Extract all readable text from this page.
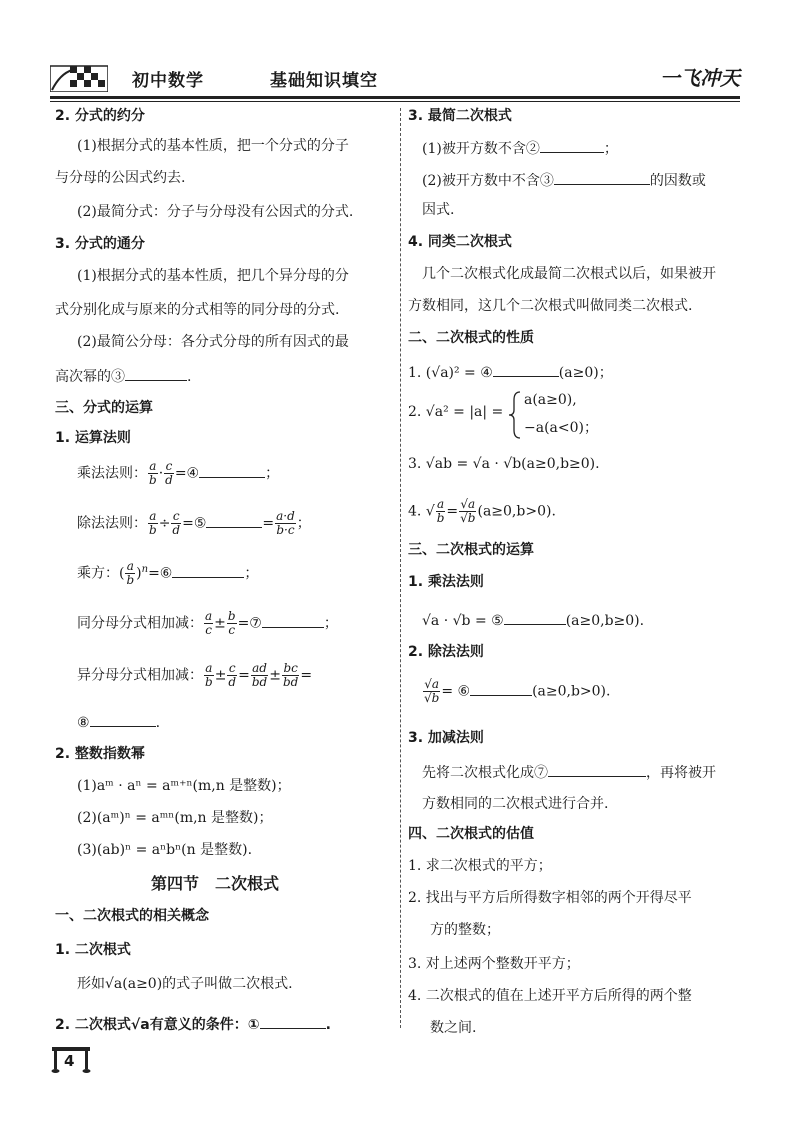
初中数学	基础知识填空	一飞冲天
2. 分式的约分
(1)根据分式的基本性质，把一个分式的分子
与分母的公因式约去.
(2)最简分式：分子与分母没有公因式的分式.
3. 分式的通分
(1)根据分式的基本性质，把几个异分母的分
式分别化成与原来的分式相等的同分母的分式.
(2)最简公分母：各分式分母的所有因式的最
高次幂的③	.
三、分式的运算
1. 运算法则
乘法法则： $\frac{a}{b} \cdot \frac{c}{d}$ =④	；
除法法则： $\frac{a}{b} \div \frac{c}{d}$ =⑤	= $\frac{a\cdot d}{b\cdot c}$ ；
乘方：( $\frac{a}{b}$ )$^n$=⑥	；
同分母分式相加减： $\frac{a}{c} \pm \frac{b}{c}$ =⑦	；
异分母分式相加减： $\frac{a}{b} \pm \frac{c}{d} = \frac{ad}{bd} \pm \frac{bc}{bd}$ =
⑧	.
2. 整数指数幂
(1)aᵐ · aⁿ = aᵐ⁺ⁿ(m,n 是整数)；
(2)(aᵐ)ⁿ = aᵐⁿ(m,n 是整数)；
(3)(ab)ⁿ = aⁿbⁿ(n 是整数).
第四节　二次根式
一、二次根式的相关概念
1. 二次根式
形如√a(a≥0)的式子叫做二次根式.
2. 二次根式√a有意义的条件：①	.
3. 最简二次根式
(1)被开方数不含②	；
(2)被开方数中不含③	的因数或
因式.
4. 同类二次根式
几个二次根式化成最简二次根式以后，如果被开
方数相同，这几个二次根式叫做同类二次根式.
二、二次根式的性质
1. (√a)² = ④	(a≥0)；
2. √a² = |a| =
a(a≥0),
−a(a<0)；
3. √ab = √a · √b(a≥0,b≥0).
4. √ $\frac{a}{b} = \frac{√a}{√b} (a\ge 0,b>0)$.
三、二次根式的运算
1. 乘法法则
√a · √b = ⑤	(a≥0,b≥0).
2. 除法法则
$\frac{√a}{√b}$ = ⑥	(a≥0,b>0).
3. 加减法则
先将二次根式化成⑦	，再将被开
方数相同的二次根式进行合并.
四、二次根式的估值
1. 求二次根式的平方；
2. 找出与平方后所得数字相邻的两个开得尽平
方的整数；
3. 对上述两个整数开平方；
4. 二次根式的值在上述开平方后所得的两个整
数之间.
4
